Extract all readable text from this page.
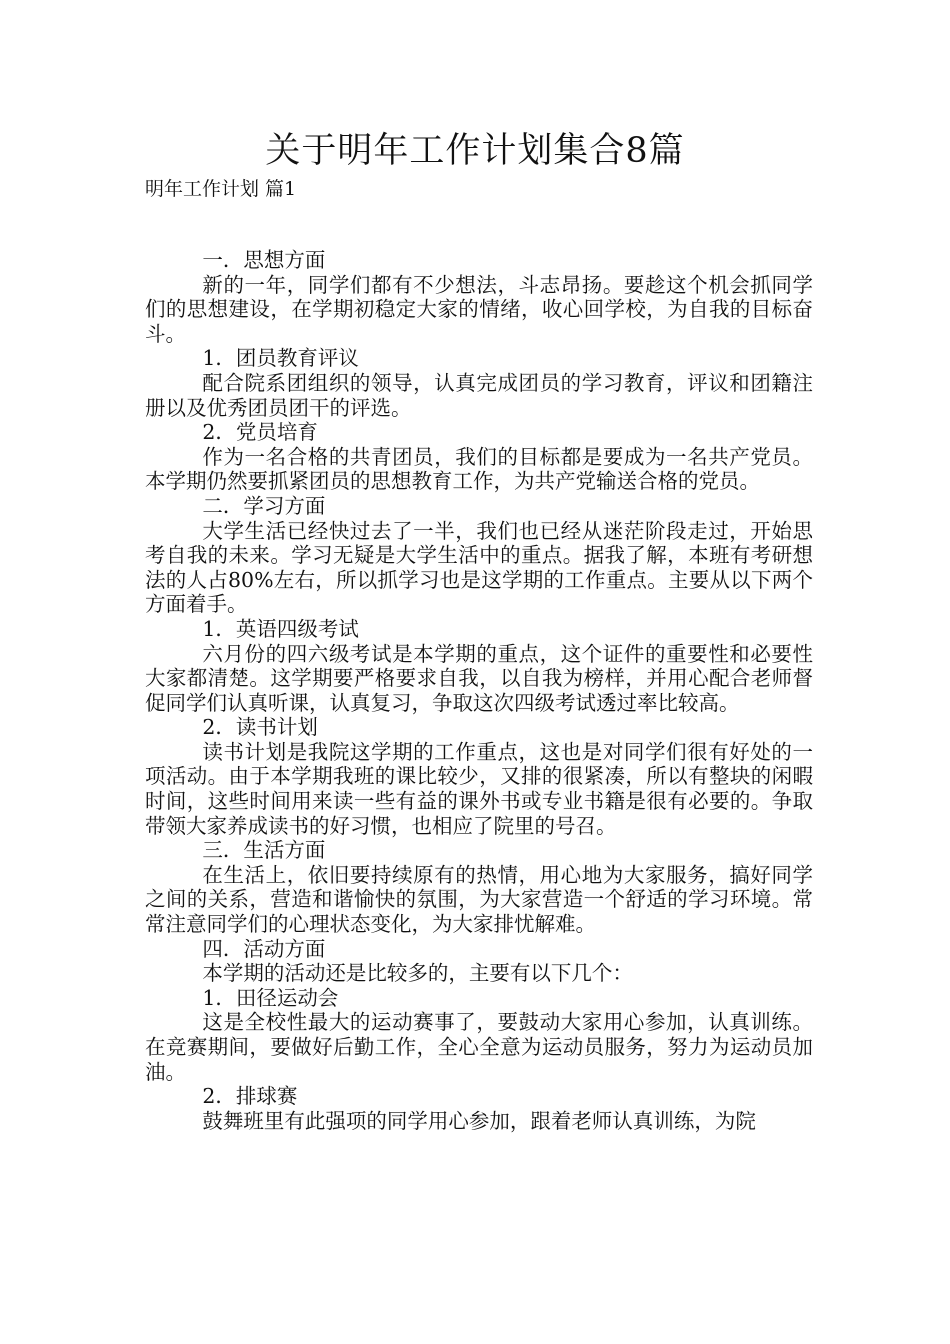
关于明年工作计划集合8篇
明年工作计划 篇1

一．思想方面

新的一年，同学们都有不少想法，斗志昂扬。要趁这个机会抓同学们的思想建设，在学期初稳定大家的情绪，收心回学校，为自我的目标奋斗。

1．团员教育评议

配合院系团组织的领导，认真完成团员的学习教育，评议和团籍注册以及优秀团员团干的评选。

2．党员培育

作为一名合格的共青团员，我们的目标都是要成为一名共产党员。本学期仍然要抓紧团员的思想教育工作，为共产党输送合格的党员。

二．学习方面

大学生活已经快过去了一半，我们也已经从迷茫阶段走过，开始思考自我的未来。学习无疑是大学生活中的重点。据我了解，本班有考研想法的人占80%左右，所以抓学习也是这学期的工作重点。主要从以下两个方面着手。

1．英语四级考试

六月份的四六级考试是本学期的重点，这个证件的重要性和必要性大家都清楚。这学期要严格要求自我，以自我为榜样，并用心配合老师督促同学们认真听课，认真复习，争取这次四级考试透过率比较高。

2．读书计划

读书计划是我院这学期的工作重点，这也是对同学们很有好处的一项活动。由于本学期我班的课比较少，又排的很紧凑，所以有整块的闲暇时间，这些时间用来读一些有益的课外书或专业书籍是很有必要的。争取带领大家养成读书的好习惯，也相应了院里的号召。

三．生活方面

在生活上，依旧要持续原有的热情，用心地为大家服务，搞好同学之间的关系，营造和谐愉快的氛围，为大家营造一个舒适的学习环境。常常注意同学们的心理状态变化，为大家排忧解难。

四．活动方面

本学期的活动还是比较多的，主要有以下几个：

1．田径运动会

这是全校性最大的运动赛事了，要鼓动大家用心参加，认真训练。在竞赛期间，要做好后勤工作，全心全意为运动员服务，努力为运动员加油。

2．排球赛

鼓舞班里有此强项的同学用心参加，跟着老师认真训练，为院
